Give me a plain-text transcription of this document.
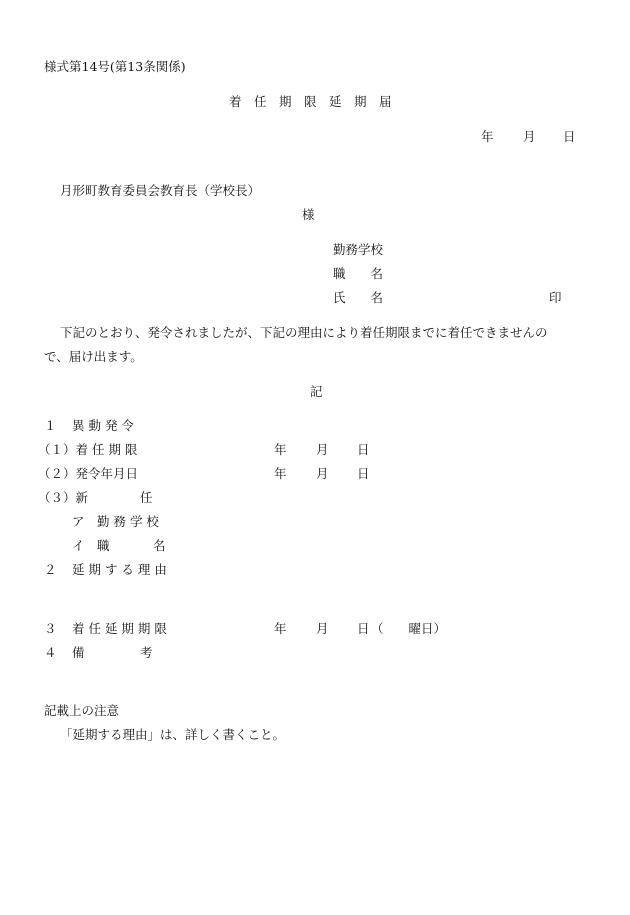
様式第14号(第13条関係)
着　任　期　限　延　期　届
年 月 日
月形町教育委員会教育長（学校長）
様
勤務学校
職　　名
氏　　名	印
下記のとおり、発令されましたが、下記の理由により着任期限までに着任できませんの
で、届け出ます。
記
１ 異 動 発 令
（１）着 任 期 限	年 月 日
（２）発令年月日	年 月 日
（３）新	任
ア　勤 務 学 校
イ　職	名
２ 延 期 す る 理 由
３ 着 任 延 期 期 限	年 月 日 （　　曜日）
４ 備	考
記載上の注意
「延期する理由」は、詳しく書くこと。
